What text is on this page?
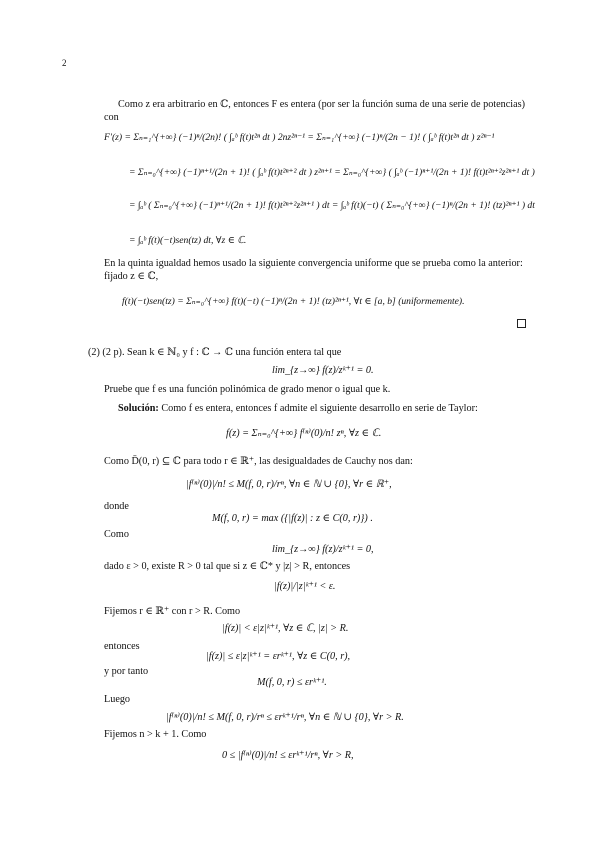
2
Como z era arbitrario en ℂ, entonces F es entera (por ser la función suma de una serie de potencias)
con
F′(z) = Σₙ₌₁^{+∞} (−1)ⁿ/(2n)! ( ∫ₐᵇ f(t)t²ⁿ dt ) 2nz²ⁿ⁻¹ = Σₙ₌₁^{+∞} (−1)ⁿ/(2n − 1)! ( ∫ₐᵇ f(t)t²ⁿ dt ) z²ⁿ⁻¹
= Σₙ₌₀^{+∞} (−1)ⁿ⁺¹/(2n + 1)! ( ∫ₐᵇ f(t)t²ⁿ⁺² dt ) z²ⁿ⁺¹ = Σₙ₌₀^{+∞} ( ∫ₐᵇ (−1)ⁿ⁺¹/(2n + 1)! f(t)t²ⁿ⁺²z²ⁿ⁺¹ dt )
= ∫ₐᵇ ( Σₙ₌₀^{+∞} (−1)ⁿ⁺¹/(2n + 1)! f(t)t²ⁿ⁺²z²ⁿ⁺¹ ) dt = ∫ₐᵇ f(t)(−t) ( Σₙ₌₀^{+∞} (−1)ⁿ/(2n + 1)! (tz)²ⁿ⁺¹ ) dt
= ∫ₐᵇ f(t)(−t)sen(tz) dt, ∀z ∈ ℂ.
En la quinta igualdad hemos usado la siguiente convergencia uniforme que se prueba como la anterior:
fijado z ∈ ℂ,
f(t)(−t)sen(tz) = Σₙ₌₀^{+∞} f(t)(−t) (−1)ⁿ/(2n + 1)! (tz)²ⁿ⁺¹, ∀t ∈ [a, b] (uniformemente).
(2) (2 p). Sean k ∈ ℕ₀ y f : ℂ → ℂ una función entera tal que
lim_{z→∞} f(z)/zᵏ⁺¹ = 0.
Pruebe que f es una función polinómica de grado menor o igual que k.
Solución: Como f es entera, entonces f admite el siguiente desarrollo en serie de Taylor:
f(z) = Σₙ₌₀^{+∞} f⁽ⁿ⁾(0)/n! zⁿ, ∀z ∈ ℂ.
Como D̄(0, r) ⊆ ℂ para todo r ∈ ℝ⁺, las desigualdades de Cauchy nos dan:
|f⁽ⁿ⁾(0)|/n! ≤ M(f, 0, r)/rⁿ, ∀n ∈ ℕ ∪ {0}, ∀r ∈ ℝ⁺,
donde
M(f, 0, r) = max ({|f(z)| : z ∈ C(0, r)}) .
Como
lim_{z→∞} f(z)/zᵏ⁺¹ = 0,
dado ε > 0, existe R > 0 tal que si z ∈ ℂ* y |z| > R, entonces
|f(z)|/|z|ᵏ⁺¹ < ε.
Fijemos r ∈ ℝ⁺ con r > R. Como
|f(z)| < ε|z|ᵏ⁺¹, ∀z ∈ ℂ, |z| > R.
entonces
|f(z)| ≤ ε|z|ᵏ⁺¹ = εrᵏ⁺¹, ∀z ∈ C(0, r),
y por tanto
M(f, 0, r) ≤ εrᵏ⁺¹.
Luego
|f⁽ⁿ⁾(0)|/n! ≤ M(f, 0, r)/rⁿ ≤ εrᵏ⁺¹/rⁿ, ∀n ∈ ℕ ∪ {0}, ∀r > R.
Fijemos n > k + 1. Como
0 ≤ |f⁽ⁿ⁾(0)|/n! ≤ εrᵏ⁺¹/rⁿ, ∀r > R,
